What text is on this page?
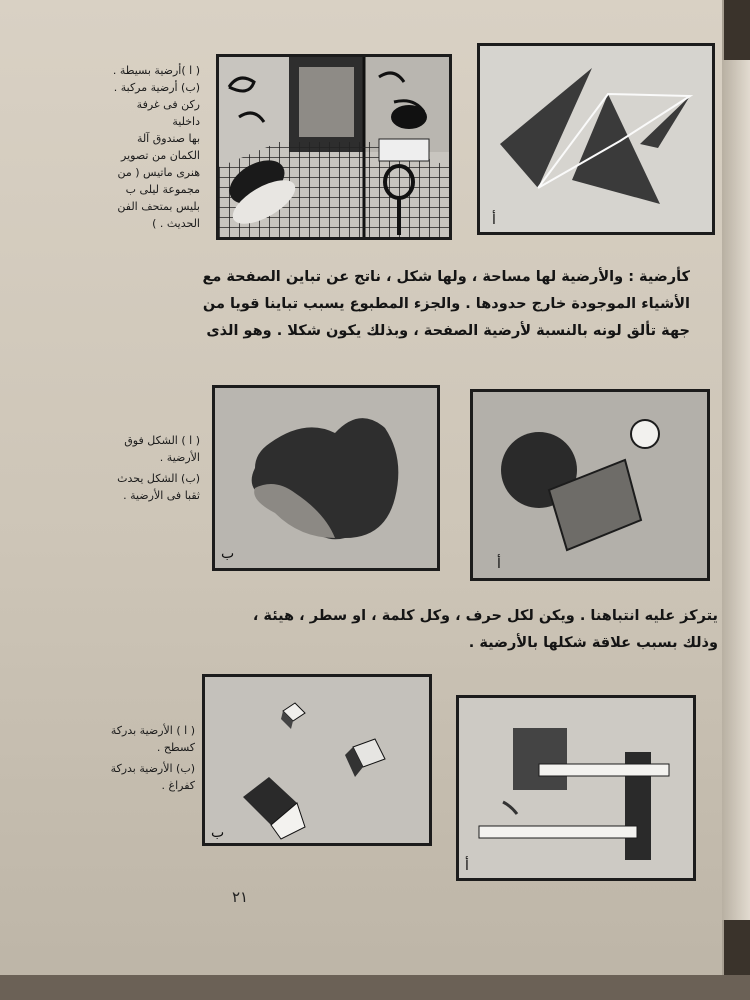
أ
( ا )أرضية بسيطة .
(ب) أرضية مركبة .
ركن فى غرفة داخلية
بها صندوق آلة
الكمان من تصوير
هنرى ماتيس ( من
مجموعة ليلى ب
بليس بمتحف الفن
الحديث . )
كأرضية : والأرضية لها مساحة ، ولها شكل ، ناتج عن تباين الصفحة مع
الأشياء الموجودة خارج حدودها . والجزء المطبوع يسبب تباينا قويا من
جهة تألق لونه بالنسبة لأرضية الصفحة ، وبذلك يكون شكلا . وهو الذى
ب
أ
( ا ) الشكل فوق
الأرضية .
(ب) الشكل يحدث
ثقبا فى الأرضية .
يتركز عليه انتباهنا . ويكن لكل حرف ، وكل كلمة ، او سطر ، هيئة ،
وذلك بسبب علاقة شكلها بالأرضية .
ب
أ
( ا ) الأرضية بدركة
كسطح .
(ب) الأرضية بدركة
كفراغ .
٢١
